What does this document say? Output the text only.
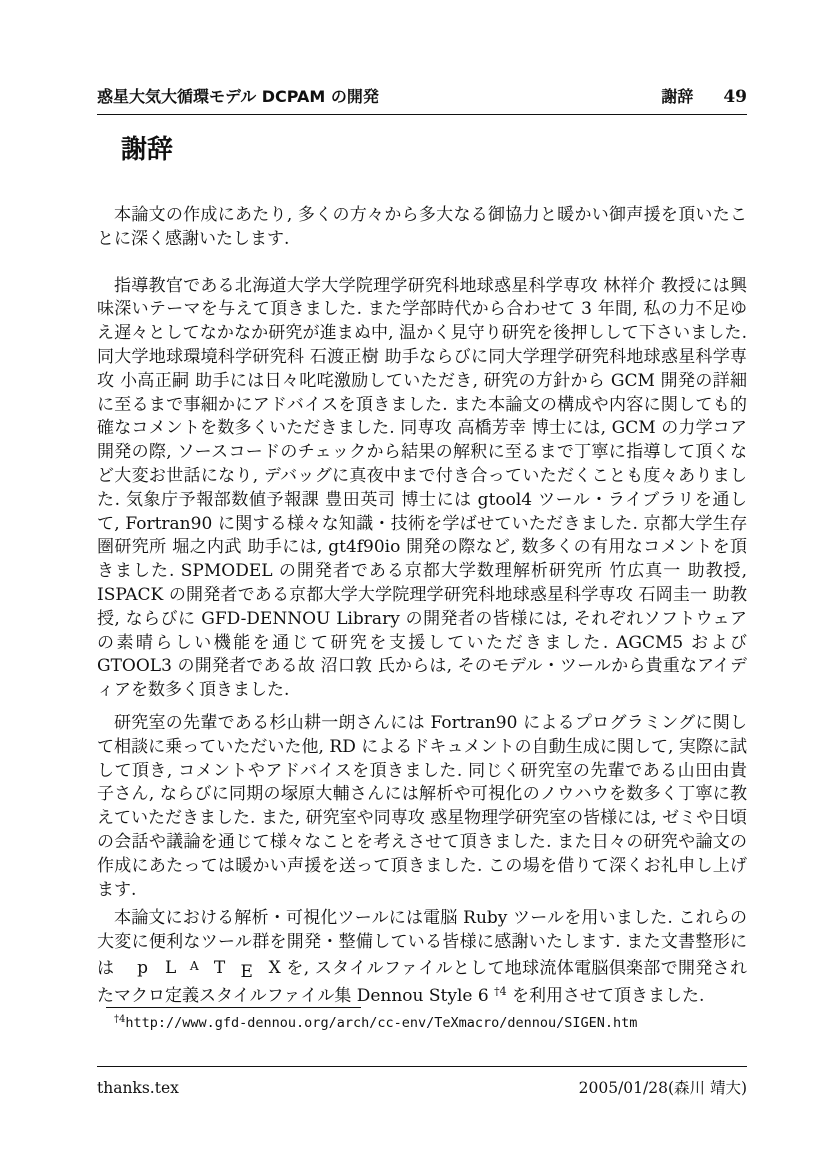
惑星大気大循環モデル DCPAM の開発	謝辞 49
謝辞

本論文の作成にあたり, 多くの方々から多大なる御協力と暖かい御声援を頂いたことに深く感謝いたします.

指導教官である北海道大学大学院理学研究科地球惑星科学専攻 林祥介 教授には興味深いテーマを与えて頂きました. また学部時代から合わせて 3 年間, 私の力不足ゆえ遅々としてなかなか研究が進まぬ中, 温かく見守り研究を後押しして下さいました. 同大学地球環境科学研究科 石渡正樹 助手ならびに同大学理学研究科地球惑星科学専攻 小高正嗣 助手には日々叱咤激励していただき, 研究の方針から GCM 開発の詳細に至るまで事細かにアドバイスを頂きました. また本論文の構成や内容に関しても的確なコメントを数多くいただきました. 同専攻 高橋芳幸 博士には, GCM の力学コア開発の際, ソースコードのチェックから結果の解釈に至るまで丁寧に指導して頂くなど大変お世話になり, デバッグに真夜中まで付き合っていただくことも度々ありました. 気象庁予報部数値予報課 豊田英司 博士には gtool4 ツール・ライブラリを通して, Fortran90 に関する様々な知識・技術を学ばせていただきました. 京都大学生存圏研究所 堀之内武 助手には, gt4f90io 開発の際など, 数多くの有用なコメントを頂きました. SPMODEL の開発者である京都大学数理解析研究所 竹広真一 助教授, ISPACK の開発者である京都大学大学院理学研究科地球惑星科学専攻 石岡圭一 助教授, ならびに GFD-DENNOU Library の開発者の皆様には, それぞれソフトウェアの素晴らしい機能を通じて研究を支援していただきました. AGCM5 および GTOOL3 の開発者である故 沼口敦 氏からは, そのモデル・ツールから貴重なアイディアを数多く頂きました.

研究室の先輩である杉山耕一朗さんには Fortran90 によるプログラミングに関して相談に乗っていただいた他, RD によるドキュメントの自動生成に関して, 実際に試して頂き, コメントやアドバイスを頂きました. 同じく研究室の先輩である山田由貴子さん, ならびに同期の塚原大輔さんには解析や可視化のノウハウを数多く丁寧に教えていただきました. また, 研究室や同専攻 惑星物理学研究室の皆様には, ゼミや日頃の会話や議論を通じて様々なことを考えさせて頂きました. また日々の研究や論文の作成にあたっては暖かい声援を送って頂きました. この場を借りて深くお礼申し上げます.

本論文における解析・可視化ツールには電脳 Ruby ツールを用いました. これらの大変に便利なツール群を開発・整備している皆様に感謝いたします. また文書整形には p L A T E X を, スタイルファイルとして地球流体電脳倶楽部で開発されたマクロ定義スタイルファイル集 Dennou Style 6 $^{\dagger 4}$ を利用させて頂きました.

$^{\dagger 4}$http://www.gfd-dennou.org/arch/cc-env/TeXmacro/dennou/SIGEN.htm
thanks.tex	2005/01/28(森川 靖大)
